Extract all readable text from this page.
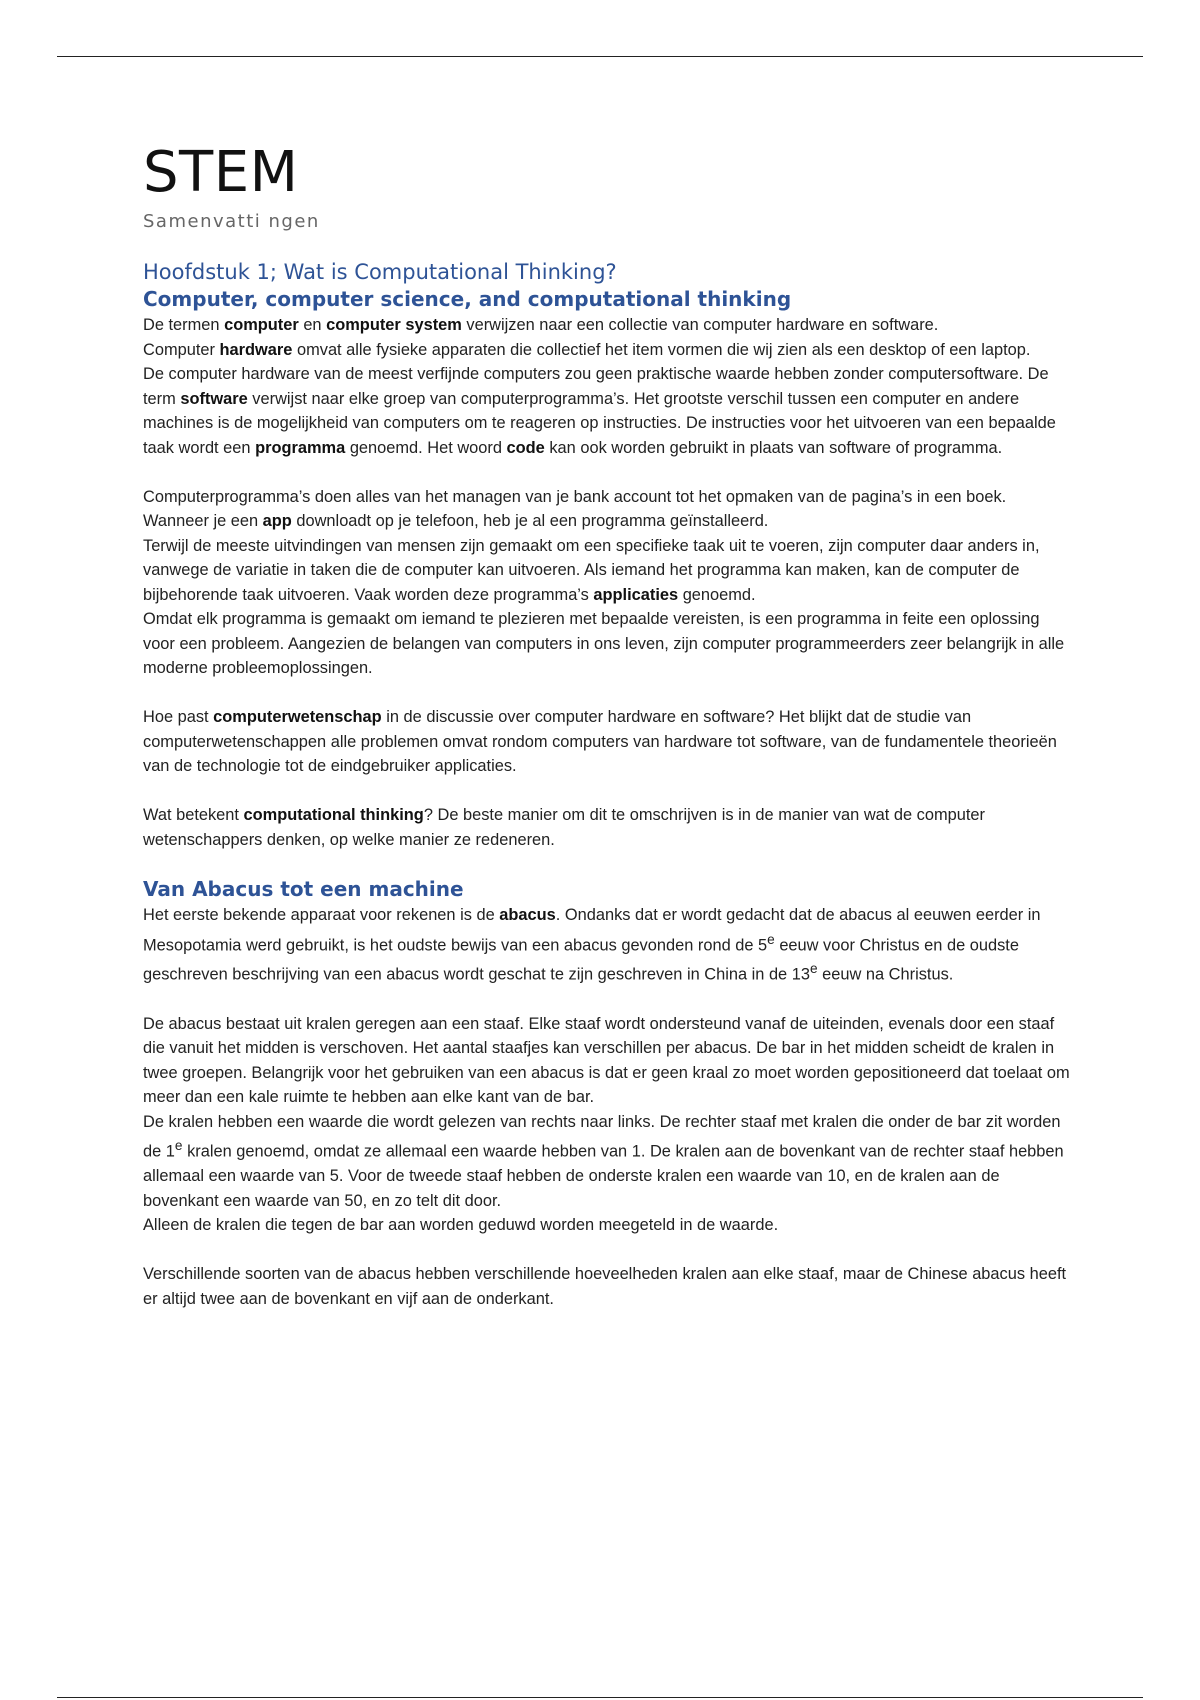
STEM
Samenvatti ngen
Hoofdstuk 1; Wat is Computational Thinking?
Computer, computer science, and computational thinking

De termen computer en computer system verwijzen naar een collectie van computer hardware en software.

Computer hardware omvat alle fysieke apparaten die collectief het item vormen die wij zien als een desktop of een laptop.

De computer hardware van de meest verfijnde computers zou geen praktische waarde hebben zonder computersoftware. De term software verwijst naar elke groep van computerprogramma’s. Het grootste verschil tussen een computer en andere machines is de mogelijkheid van computers om te reageren op instructies. De instructies voor het uitvoeren van een bepaalde taak wordt een programma genoemd. Het woord code kan ook worden gebruikt in plaats van software of programma.

Computerprogramma’s doen alles van het managen van je bank account tot het opmaken van de pagina’s in een boek. Wanneer je een app downloadt op je telefoon, heb je al een programma geïnstalleerd.

Terwijl de meeste uitvindingen van mensen zijn gemaakt om een specifieke taak uit te voeren, zijn computer daar anders in, vanwege de variatie in taken die de computer kan uitvoeren. Als iemand het programma kan maken, kan de computer de bijbehorende taak uitvoeren. Vaak worden deze programma’s applicaties genoemd.

Omdat elk programma is gemaakt om iemand te plezieren met bepaalde vereisten, is een programma in feite een oplossing voor een probleem. Aangezien de belangen van computers in ons leven, zijn computer programmeerders zeer belangrijk in alle moderne probleemoplossingen.

Hoe past computerwetenschap in de discussie over computer hardware en software? Het blijkt dat de studie van computerwetenschappen alle problemen omvat rondom computers van hardware tot software, van de fundamentele theorieën van de technologie tot de eindgebruiker applicaties.

Wat betekent computational thinking? De beste manier om dit te omschrijven is in de manier van wat de computer wetenschappers denken, op welke manier ze redeneren.

Van Abacus tot een machine

Het eerste bekende apparaat voor rekenen is de abacus. Ondanks dat er wordt gedacht dat de abacus al eeuwen eerder in Mesopotamia werd gebruikt, is het oudste bewijs van een abacus gevonden rond de 5e eeuw voor Christus en de oudste geschreven beschrijving van een abacus wordt geschat te zijn geschreven in China in de 13e eeuw na Christus.

De abacus bestaat uit kralen geregen aan een staaf. Elke staaf wordt ondersteund vanaf de uiteinden, evenals door een staaf die vanuit het midden is verschoven. Het aantal staafjes kan verschillen per abacus. De bar in het midden scheidt de kralen in twee groepen. Belangrijk voor het gebruiken van een abacus is dat er geen kraal zo moet worden gepositioneerd dat toelaat om meer dan een kale ruimte te hebben aan elke kant van de bar.

De kralen hebben een waarde die wordt gelezen van rechts naar links. De rechter staaf met kralen die onder de bar zit worden de 1e kralen genoemd, omdat ze allemaal een waarde hebben van 1. De kralen aan de bovenkant van de rechter staaf hebben allemaal een waarde van 5. Voor de tweede staaf hebben de onderste kralen een waarde van 10, en de kralen aan de bovenkant een waarde van 50, en zo telt dit door.

Alleen de kralen die tegen de bar aan worden geduwd worden meegeteld in de waarde.

Verschillende soorten van de abacus hebben verschillende hoeveelheden kralen aan elke staaf, maar de Chinese abacus heeft er altijd twee aan de bovenkant en vijf aan de onderkant.
